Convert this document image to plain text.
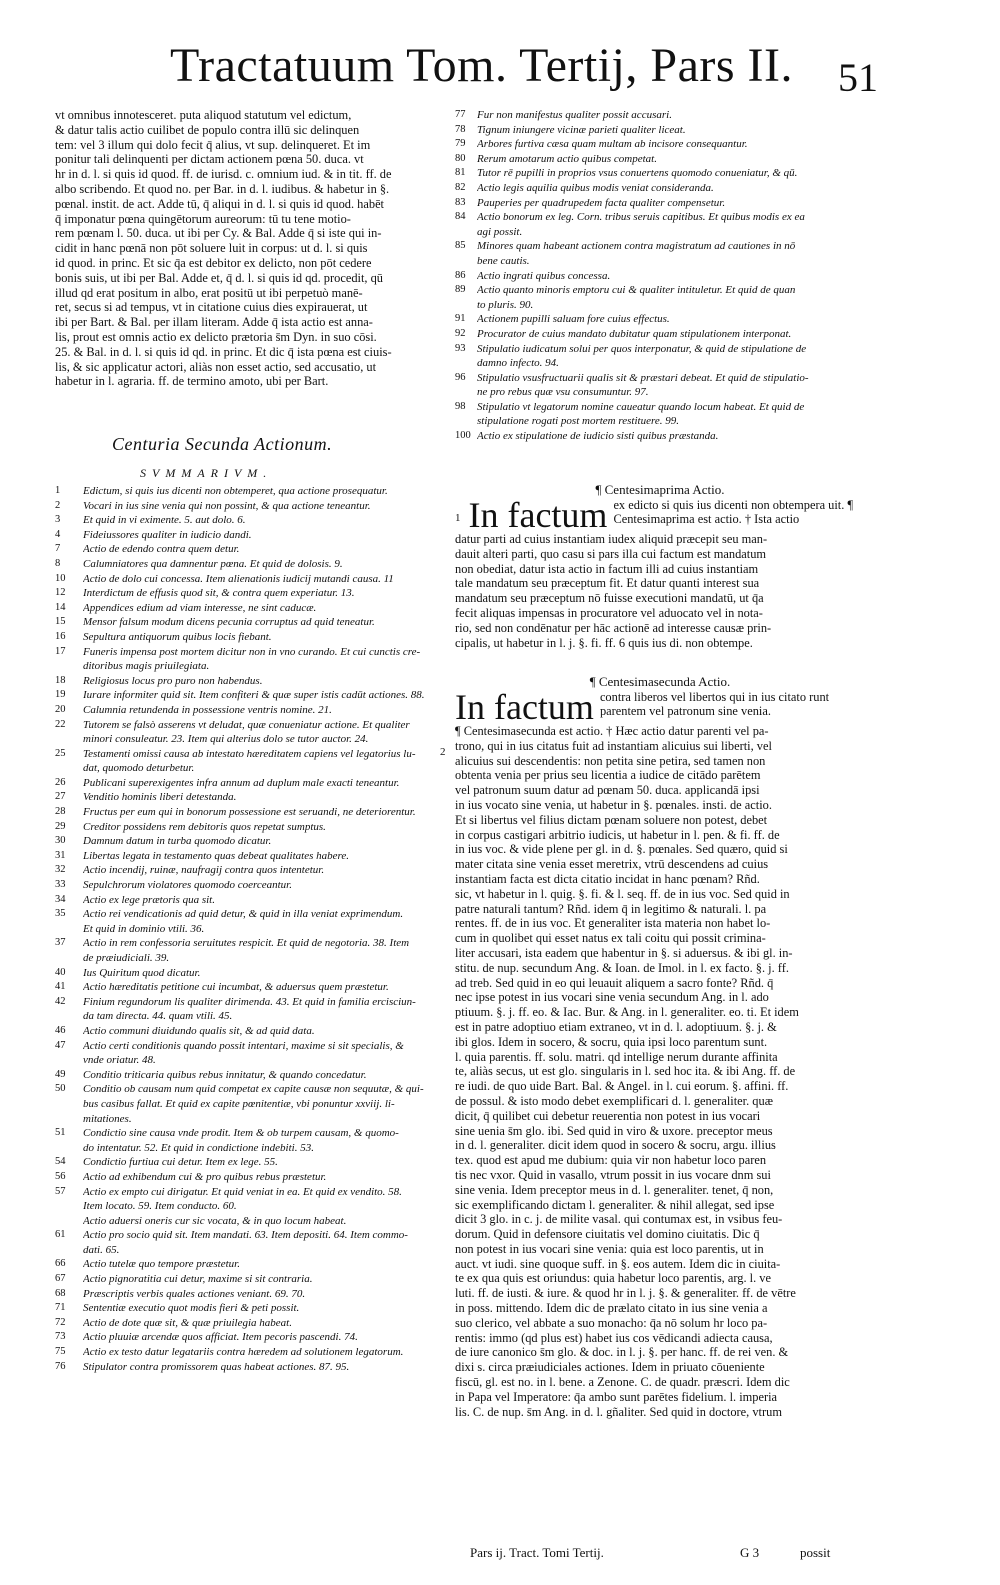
Tractatuum Tom. Tertij, Pars II. 51
vt omnibus innotesceret. puta aliquod statutum vel edictum,
& datur talis actio cuilibet de populo contra illū sic delinquen
tem: vel 3 illum qui dolo fecit q̄ alius, vt sup. delinqueret. Et im
ponitur tali delinquenti per dictam actionem pœna 50. duca. vt
hr in d. l. si quis id quod. ff. de iurisd. c. omnium iud. & in tit. ff. de
albo scribendo. Et quod no. per Bar. in d. l. iudibus. & habetur in §.
pœnal. instit. de act. Adde tū, q̄ aliqui in d. l. si quis id quod. habēt
q̄ imponatur pœna quingētorum aureorum: tū tu tene motio-
rem pœnam l. 50. duca. ut ibi per Cy. & Bal. Adde q̄ si iste qui in-
cidit in hanc pœnā non pōt soluere luit in corpus: ut d. l. si quis
id quod. in princ. Et sic q̄a est debitor ex delicto, non pōt cedere
bonis suis, ut ibi per Bal. Adde et, q̄ d. l. si quis id qd. procedit, qū
illud qd erat positum in albo, erat positū ut ibi perpetuò manē-
ret, secus si ad tempus, vt in citatione cuius dies expirauerat, ut
ibi per Bart. & Bal. per illam literam. Adde q̄ ista actio est anna-
lis, prout est omnis actio ex delicto prætoria s̄m Dyn. in suo cōsi.
25. & Bal. in d. l. si quis id qd. in princ. Et dic q̄ ista pœna est ciuis-
lis, & sic applicatur actori, aliàs non esset actio, sed accusatio, ut
habetur in l. agraria. ff. de termino amoto, ubi per Bart.
Centuria Secunda Actionum.
SVMMARIVM.
1	Edictum, si quis ius dicenti non obtemperet, qua actione prosequatur.
2	Vocari in ius sine venia qui non possint, & qua actione teneantur.
3	Et quid in vi eximente. 5. aut dolo. 6.
4	Fideiussores qualiter in iudicio dandi.
7	Actio de edendo contra quem detur.
8	Calumniatores qua damnentur pœna. Et quid de dolosis. 9.
10	Actio de dolo cui concessa. Item alienationis iudicij mutandi causa. 11
12	Interdictum de effusis quod sit, & contra quem experiatur. 13.
14	Appendices edium ad viam interesse, ne sint caducæ.
15	Mensor falsum modum dicens pecunia corruptus ad quid teneatur.
16	Sepultura antiquorum quibus locis fiebant.
17	Funeris impensa post mortem dicitur non in vno curando. Et cui cunctis cre-
ditoribus magis priuilegiata.
18	Religiosus locus pro puro non habendus.
19	Iurare informiter quid sit. Item confiteri & quæ super istis cadūt actiones. 88.
20	Calumnia retundenda in possessione ventris nomine. 21.
22	Tutorem se falsò asserens vt deludat, quæ conueniatur actione. Et qualiter
minori consuleatur. 23. Item qui alterius dolo se tutor auctor. 24.
25	Testamenti omissi causa ab intestato hæreditatem capiens vel legatorius lu-
dat, quomodo deturbetur.
26	Publicani superexigentes infra annum ad duplum male exacti teneantur.
27	Venditio hominis liberi detestanda.
28	Fructus per eum qui in bonorum possessione est seruandi, ne deteriorentur.
29	Creditor possidens rem debitoris quos repetat sumptus.
30	Damnum datum in turba quomodo dicatur.
31	Libertas legata in testamento quas debeat qualitates habere.
32	Actio incendij, ruinæ, naufragij contra quos intentetur.
33	Sepulchrorum violatores quomodo coerceantur.
34	Actio ex lege prætoris qua sit.
35	Actio rei vendicationis ad quid detur, & quid in illa veniat exprimendum.
Et quid in dominio vtili. 36.
37	Actio in rem confessoria seruitutes respicit. Et quid de negotoria. 38. Item
de præiudiciali. 39.
40	Ius Quiritum quod dicatur.
41	Actio hæreditatis petitione cui incumbat, & aduersus quem præstetur.
42	Finium regundorum lis qualiter dirimenda. 43. Et quid in familia ercisciun-
da tam directa. 44. quam vtili. 45.
46	Actio communi diuidundo qualis sit, & ad quid data.
47	Actio certi conditionis quando possit intentari, maxime si sit specialis, &
vnde oriatur. 48.
49	Conditio triticaria quibus rebus innitatur, & quando concedatur.
50	Conditio ob causam num quid competat ex capite causæ non sequutæ, & qui-
bus casibus fallat. Et quid ex capite pœnitentiæ, vbi ponuntur xxviij. li-
mitationes.
51	Condictio sine causa vnde prodit. Item & ob turpem causam, & quomo-
do intentatur. 52. Et quid in condictione indebiti. 53.
54	Condictio furtiua cui detur. Item ex lege. 55.
56	Actio ad exhibendum cui & pro quibus rebus præstetur.
57	Actio ex empto cui dirigatur. Et quid veniat in ea. Et quid ex vendito. 58.
Item locato. 59. Item conducto. 60.
Actio aduersi oneris cur sic vocata, & in quo locum habeat.
61	Actio pro socio quid sit. Item mandati. 63. Item depositi. 64. Item commo-
dati. 65.
66	Actio tutelæ quo tempore præstetur.
67	Actio pignoratitia cui detur, maxime si sit contraria.
68	Præscriptis verbis quales actiones veniant. 69. 70.
71	Sententiæ executio quot modis fieri & peti possit.
72	Actio de dote quæ sit, & quæ priuilegia habeat.
73	Actio pluuiæ arcendæ quos afficiat. Item pecoris pascendi. 74.
75	Actio ex testo datur legatariis contra hæredem ad solutionem legatorum.
76	Stipulator contra promissorem quas habeat actiones. 87. 95.
77	Fur non manifestus qualiter possit accusari.
78	Tignum iniungere vicinæ parieti qualiter liceat.
79	Arbores furtiva cæsa quam multam ab incisore consequantur.
80	Rerum amotarum actio quibus competat.
81	Tutor rē pupilli in proprios vsus conuertens quomodo conueniatur, & qū.
82	Actio legis aquilia quibus modis veniat consideranda.
83	Pauperies per quadrupedem facta qualiter compensetur.
84	Actio bonorum ex leg. Corn. tribus seruis capitibus. Et quibus modis ex ea
agi possit.
85	Minores quam habeant actionem contra magistratum ad cautiones in nō
bene cautis.
86	Actio ingrati quibus concessa.
89	Actio quanto minoris emptoru cui & qualiter intituletur. Et quid de quan
to pluris. 90.
91	Actionem pupilli saluam fore cuius effectus.
92	Procurator de cuius mandato dubitatur quam stipulationem interponat.
93	Stipulatio iudicatum solui per quos interponatur, & quid de stipulatione de
damno infecto. 94.
96	Stipulatio vsusfructuarii qualis sit & præstari debeat. Et quid de stipulatio-
ne pro rebus quæ vsu consumuntur. 97.
98	Stipulatio vt legatorum nomine caueatur quando locum habeat. Et quid de
stipulatione rogati post mortem restituere. 99.
100 Actio ex stipulatione de iudicio sisti quibus præstanda.
¶ Centesimaprima Actio.
1 In factum ex edicto si quis ius dicenti non obtempera uit. ¶ Centesimaprima est actio. † Ista actio
datur parti ad cuius instantiam iudex aliquid præcepit seu man-
dauit alteri parti, quo casu si pars illa cui factum est mandatum
non obediat, datur ista actio in factum illi ad cuius instantiam
tale mandatum seu præceptum fit. Et datur quanti interest sua
mandatum seu præceptum nō fuisse executioni mandatū, ut q̄a
fecit aliquas impensas in procuratore vel aduocato vel in nota-
rio, sed non condēnatur per hāc actionē ad interesse causæ prin-
cipalis, ut habetur in l. j. §. fi. ff. 6 quis ius di. non obtempe.
¶ Centesimasecunda Actio.
In factum contra liberos vel libertos qui in ius citato runt parentem vel patronum sine venia.
¶ Centesimasecunda est actio. † Hæc actio datur parenti vel pa-
trono, qui in ius citatus fuit ad instantiam alicuius sui liberti, vel
alicuius sui descendentis: non petita sine petira, sed tamen non
obtenta venia per prius seu licentia a iudice de citādo parētem
vel patronum suum datur ad pœnam 50. duca. applicandā ipsi
in ius vocato sine venia, ut habetur in §. pœnales. insti. de actio.
Et si libertus vel filius dictam pœnam soluere non potest, debet
in corpus castigari arbitrio iudicis, ut habetur in l. pen. & fi. ff. de
in ius voc. & vide plene per gl. in d. §. pœnales. Sed quæro, quid si
mater citata sine venia esset meretrix, vtrū descendens ad cuius
instantiam facta est dicta citatio incidat in hanc pœnam? Rñd.
sic, vt habetur in l. quig. §. fi. & l. seq. ff. de in ius voc. Sed quid in
patre naturali tantum? Rñd. idem q̄ in legitimo & naturali. l. pa
rentes. ff. de in ius voc. Et generaliter ista materia non habet lo-
cum in quolibet qui esset natus ex tali coitu qui possit crimina-
liter accusari, ista eadem que habentur in §. si aduersus. & ibi gl. in-
stitu. de nup. secundum Ang. & Ioan. de Imol. in l. ex facto. §. j. ff.
ad treb. Sed quid in eo qui leuauit aliquem a sacro fonte? Rñd. q̄
nec ipse potest in ius vocari sine venia secundum Ang. in l. ado
ptiuum. §. j. ff. eo. & Iac. Bur. & Ang. in l. generaliter. eo. ti. Et idem
est in patre adoptiuo etiam extraneo, vt in d. l. adoptiuum. §. j. &
ibi glos. Idem in socero, & socru, quia ipsi loco parentum sunt.
l. quia parentis. ff. solu. matri. qd intellige nerum durante affinita
te, aliàs secus, ut est glo. singularis in l. sed hoc ita. & ibi Ang. ff. de
re iudi. de quo uide Bart. Bal. & Angel. in l. cui eorum. §. affini. ff.
de possul. & isto modo debet exemplificari d. l. generaliter. quæ
dicit, q̄ quilibet cui debetur reuerentia non potest in ius vocari
sine uenia s̄m glo. ibi. Sed quid in viro & uxore. preceptor meus
in d. l. generaliter. dicit idem quod in socero & socru, argu. illius
tex. quod est apud me dubium: quia vir non habetur loco paren
tis nec vxor. Quid in vasallo, vtrum possit in ius vocare dnm sui
sine venia. Idem preceptor meus in d. l. generaliter. tenet, q̄ non,
sic exemplificando dictam l. generaliter. & nihil allegat, sed ipse
dicit 3 glo. in c. j. de milite vasal. qui contumax est, in vsibus feu-
dorum. Quid in defensore ciuitatis vel domino ciuitatis. Dic q̄
non potest in ius vocari sine venia: quia est loco parentis, ut in
auct. vt iudi. sine quoque suff. in §. eos autem. Idem dic in ciuita-
te ex qua quis est oriundus: quia habetur loco parentis, arg. l. ve
luti. ff. de iusti. & iure. & quod hr in l. j. §. & generaliter. ff. de vētre
in poss. mittendo. Idem dic de prælato citato in ius sine venia a
suo clerico, vel abbate a suo monacho: q̄a nō solum hr loco pa-
rentis: immo (qd plus est) habet ius cos vēdicandi adiecta causa,
de iure canonico s̄m glo. & doc. in l. j. §. per hanc. ff. de rei ven. &
dixi s. circa præiudiciales actiones. Idem in priuato cōueniente
fiscū, gl. est no. in l. bene. a Zenone. C. de quadr. præscri. Idem dic
in Papa vel Imperatore: q̄a ambo sunt parētes fidelium. l. imperia
lis. C. de nup. s̄m Ang. in d. l. gñaliter. Sed quid in doctore, vtrum
2
Pars ij. Tract. Tomi Tertij.	G 3	possit
